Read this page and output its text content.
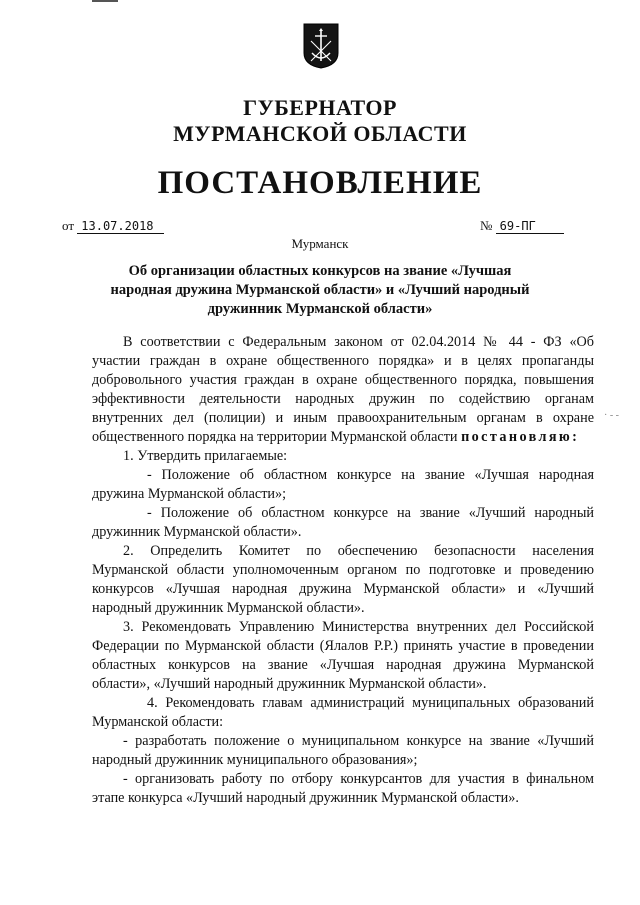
ГУБЕРНАТОР
МУРМАНСКОЙ ОБЛАСТИ
ПОСТАНОВЛЕНИЕ
от 13.07.2018	№ 69-ПГ
Мурманск
Об организации областных конкурсов на звание «Лучшая народная дружина Мурманской области» и «Лучший народный дружинник Мурманской области»

В соответствии с Федеральным законом от 02.04.2014 № 44 - ФЗ «Об участии граждан в охране общественного порядка» и в целях пропаганды добровольного участия граждан в охране общественного порядка, повышения эффективности деятельности народных дружин по содействию органам внутренних дел (полиции) и иным правоохранительным органам в охране общественного порядка на территории Мурманской области постановляю:

1. Утвердить прилагаемые:

- Положение об областном конкурсе на звание «Лучшая народная дружина Мурманской области»;

- Положение об областном конкурсе на звание «Лучший народный дружинник Мурманской области».

2. Определить Комитет по обеспечению безопасности населения Мурманской области уполномоченным органом по подготовке и проведению конкурсов «Лучшая народная дружина Мурманской области» и «Лучший народный дружинник Мурманской области».

3. Рекомендовать Управлению Министерства внутренних дел Российской Федерации по Мурманской области (Ялалов Р.Р.) принять участие в проведении областных конкурсов на звание «Лучшая народная дружина Мурманской области», «Лучший народный дружинник Мурманской области».

4. Рекомендовать главам администраций муниципальных образований Мурманской области:

- разработать положение о муниципальном конкурсе на звание «Лучший народный дружинник муниципального образования»;

- организовать работу по отбору конкурсантов для участия в финальном этапе конкурса «Лучший народный дружинник Мурманской области».

· - ‐
